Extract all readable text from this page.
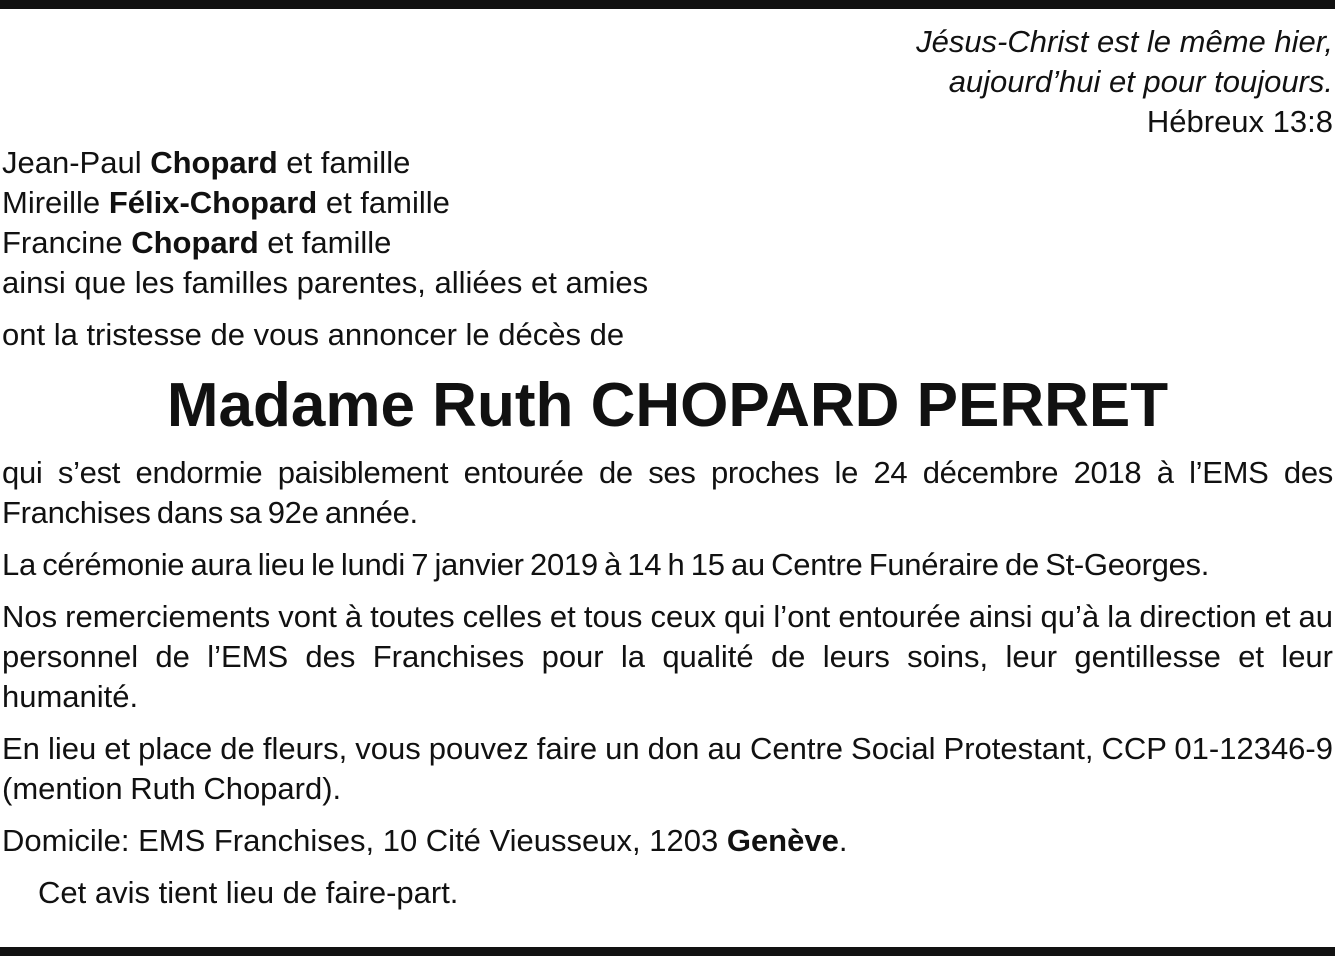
Jésus-Christ est le même hier,
aujourd’hui et pour toujours.
Hébreux 13:8
Jean-Paul Chopard et famille
Mireille Félix-Chopard et famille
Francine Chopard et famille
ainsi que les familles parentes, alliées et amies
ont la tristesse de vous annoncer le décès de
Madame Ruth CHOPARD PERRET
qui s’est endormie paisiblement entourée de ses proches le 24 décembre 2018 à l’EMS des Franchises dans sa 92e année.
La cérémonie aura lieu le lundi 7 janvier 2019 à 14 h 15 au Centre Funéraire de St-Georges.
Nos remerciements vont à toutes celles et tous ceux qui l’ont entourée ainsi qu’à la direction et au personnel de l’EMS des Franchises pour la qualité de leurs soins, leur gentillesse et leur humanité.
En lieu et place de fleurs, vous pouvez faire un don au Centre Social Protestant, CCP 01-12346-9 (mention Ruth Chopard).
Domicile: EMS Franchises, 10 Cité Vieusseux, 1203 Genève.
Cet avis tient lieu de faire-part.
